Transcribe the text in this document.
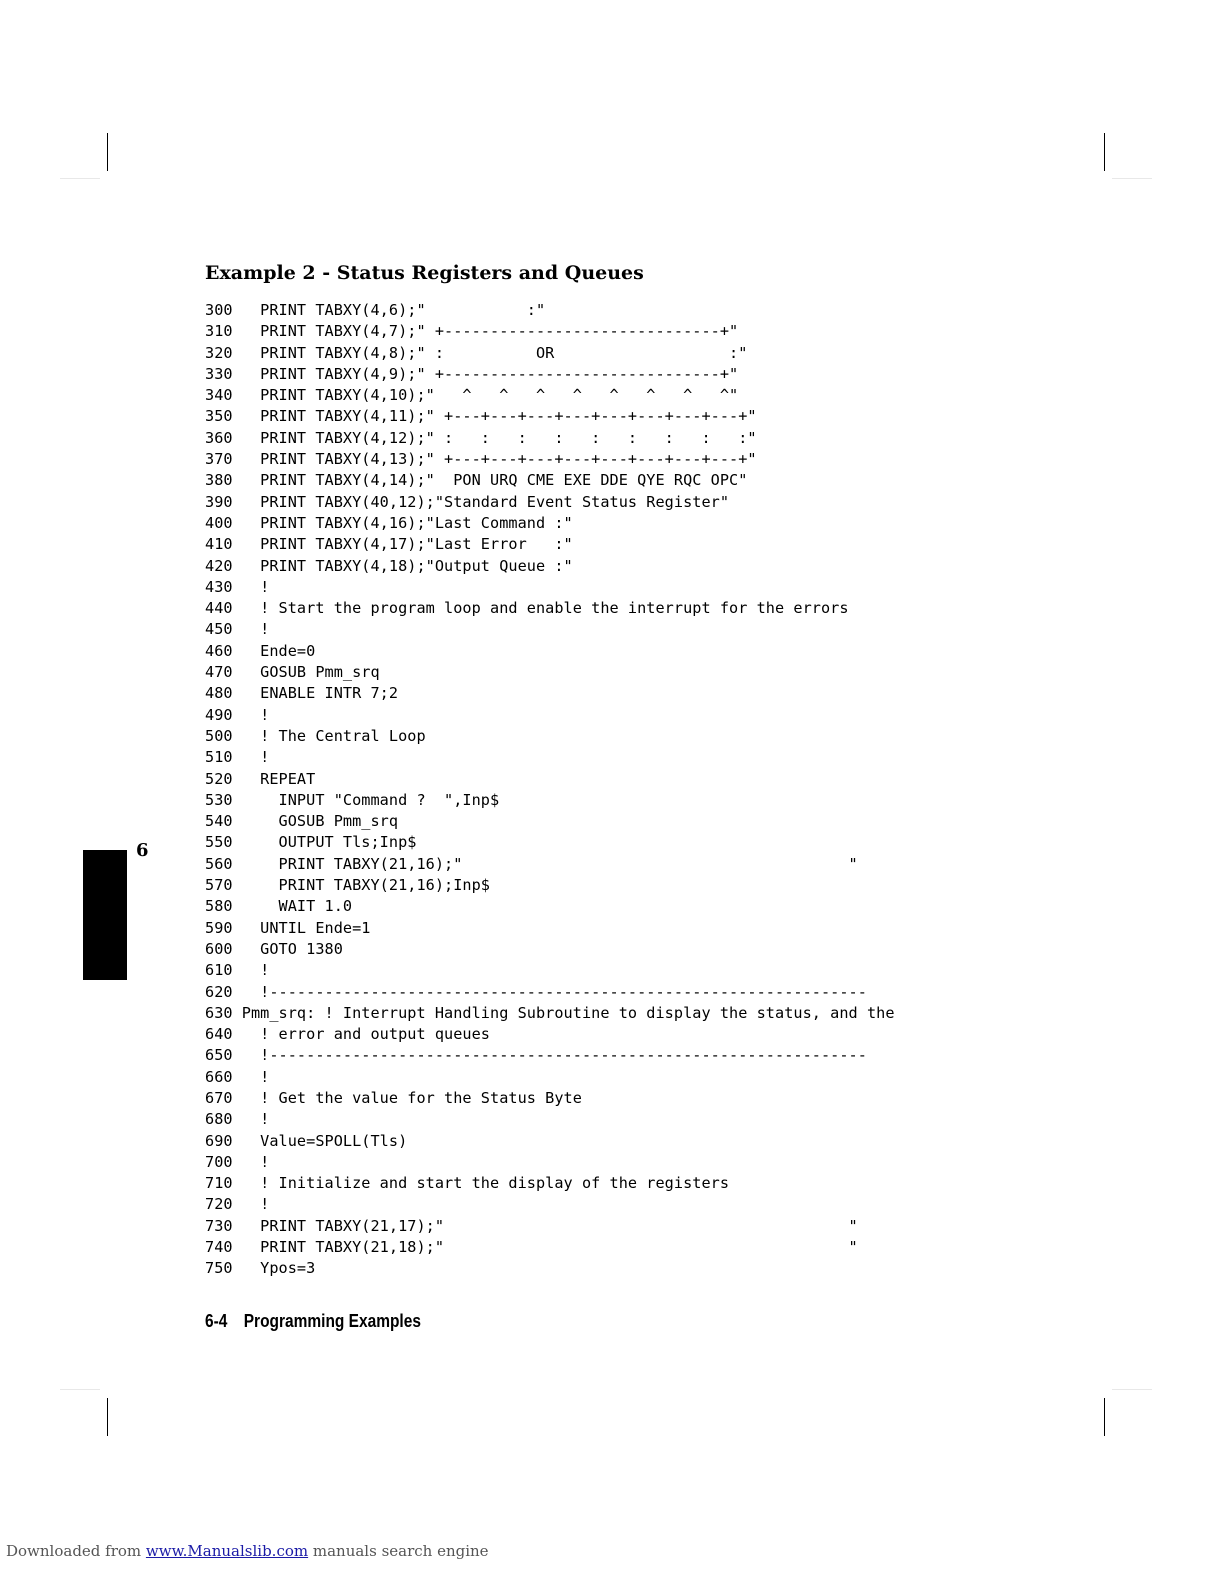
Example 2 - Status Registers and Queues
300   PRINT TABXY(4,6);"           :"
310   PRINT TABXY(4,7);" +------------------------------+"
320   PRINT TABXY(4,8);" :          OR                   :"
330   PRINT TABXY(4,9);" +------------------------------+"
340   PRINT TABXY(4,10);"   ^   ^   ^   ^   ^   ^   ^   ^"
350   PRINT TABXY(4,11);" +---+---+---+---+---+---+---+---+"
360   PRINT TABXY(4,12);" :   :   :   :   :   :   :   :   :"
370   PRINT TABXY(4,13);" +---+---+---+---+---+---+---+---+"
380   PRINT TABXY(4,14);"  PON URQ CME EXE DDE QYE RQC OPC"
390   PRINT TABXY(40,12);"Standard Event Status Register"
400   PRINT TABXY(4,16);"Last Command :"
410   PRINT TABXY(4,17);"Last Error   :"
420   PRINT TABXY(4,18);"Output Queue :"
430   !
440   ! Start the program loop and enable the interrupt for the errors
450   !
460   Ende=0
470   GOSUB Pmm_srq
480   ENABLE INTR 7;2
490   !
500   ! The Central Loop
510   !
520   REPEAT
530     INPUT "Command ?  ",Inp$
540     GOSUB Pmm_srq
550     OUTPUT Tls;Inp$
560     PRINT TABXY(21,16);"                                          "
570     PRINT TABXY(21,16);Inp$
580     WAIT 1.0
590   UNTIL Ende=1
600   GOTO 1380
610   !
620   !-----------------------------------------------------------------
630 Pmm_srq: ! Interrupt Handling Subroutine to display the status, and the
640   ! error and output queues
650   !-----------------------------------------------------------------
660   !
670   ! Get the value for the Status Byte
680   !
690   Value=SPOLL(Tls)
700   !
710   ! Initialize and start the display of the registers
720   !
730   PRINT TABXY(21,17);"                                            "
740   PRINT TABXY(21,18);"                                            "
750   Ypos=3
6
6-4 Programming Examples
Downloaded from www.Manualslib.com manuals search engine
